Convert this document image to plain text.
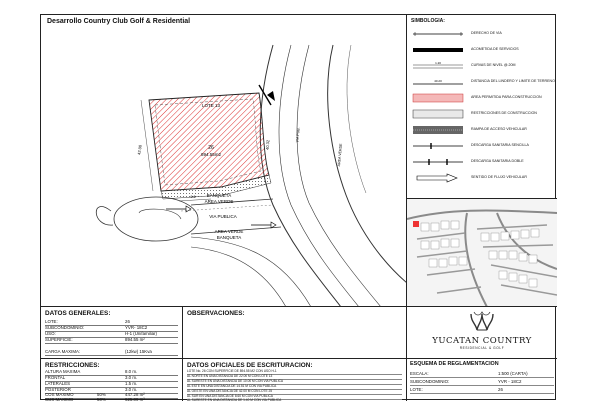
Desarrollo Country Club Golf & Residential
LOTE 13
26
894.55m2
42.00	40.32
9.6	BANQUETA
AREA VERDE
VIA PUBLICA
AREA VERDE
BANQUETA
VIA PUB.
AREA VERDE
SIMBOLOGIA:
DERECHO DE VIA
ACOMETIDA DE SERVICIOS
1.20	CURVAS DE NIVEL @.20M
40.20	DISTANCIA DEL LINDERO Y LIMITE DE TERRENO
AREA PERMITIDA PARA CONSTRUCCION
RESTRICCIONES DE CONSTRUCCION
RAMPA DE ACCESO VEHICULAR
DESCARGA SANITARIA SENCILLA
DESCARGA SANITARIA DOBLE
SENTIDO DE FLUJO VEHICULAR
DATOS GENERALES:
LOTE:	26
SUBCONDOMINIO:	YVR- 18C2
USO:	H-1 (Unifamiliar)
SUPERFICIE:	894.55 m²
CARGA MAXIMA:	(12kw) 15Kva
OBSERVACIONES:
RESTRICCIONES:
ALTURA MAXIMA	8.0 m.
FRONTAL	3.0 m.
LATERALES	1.5 m.
POSTERIOR	3.0 m.
COS MAXIMO	50%	447.28 m²
CUS MAXIMO	50%	625.09 m²
DATOS OFICIALES DE ESCRITURACION:
LOTE No. 26 CON SUPERFICIE DE 894.55 M2 CON USO H-1
AL NORTE EN UNA DISTANCIA DE 22.00 M CON LOTE 13
AL SURESTE EN UNA DISTANCIA DE 10.00 M CON VIA PUBLICA
AL ESTE EN UNA DISTANCIA DE 14.51 M CON VIA PUBLICA
AL OESTE EN UNA DISTANCIA DE 42.00 M CON LOTE 25
AL SUR EN UNA DISTANCIA DE 8.60 M CON VIA PUBLICA
AL SURESTE EN UNA DISTANCIA DE 1.40 M CON VIA PUBLICA
YUCATAN COUNTRY
RESIDENCIAL & GOLF
ESQUEMA DE REGLAMENTACION
ESCALA:	1:500 (CARTA)
SUBCONDOMINIO:	YVR - 18C2
LOTE:	26
